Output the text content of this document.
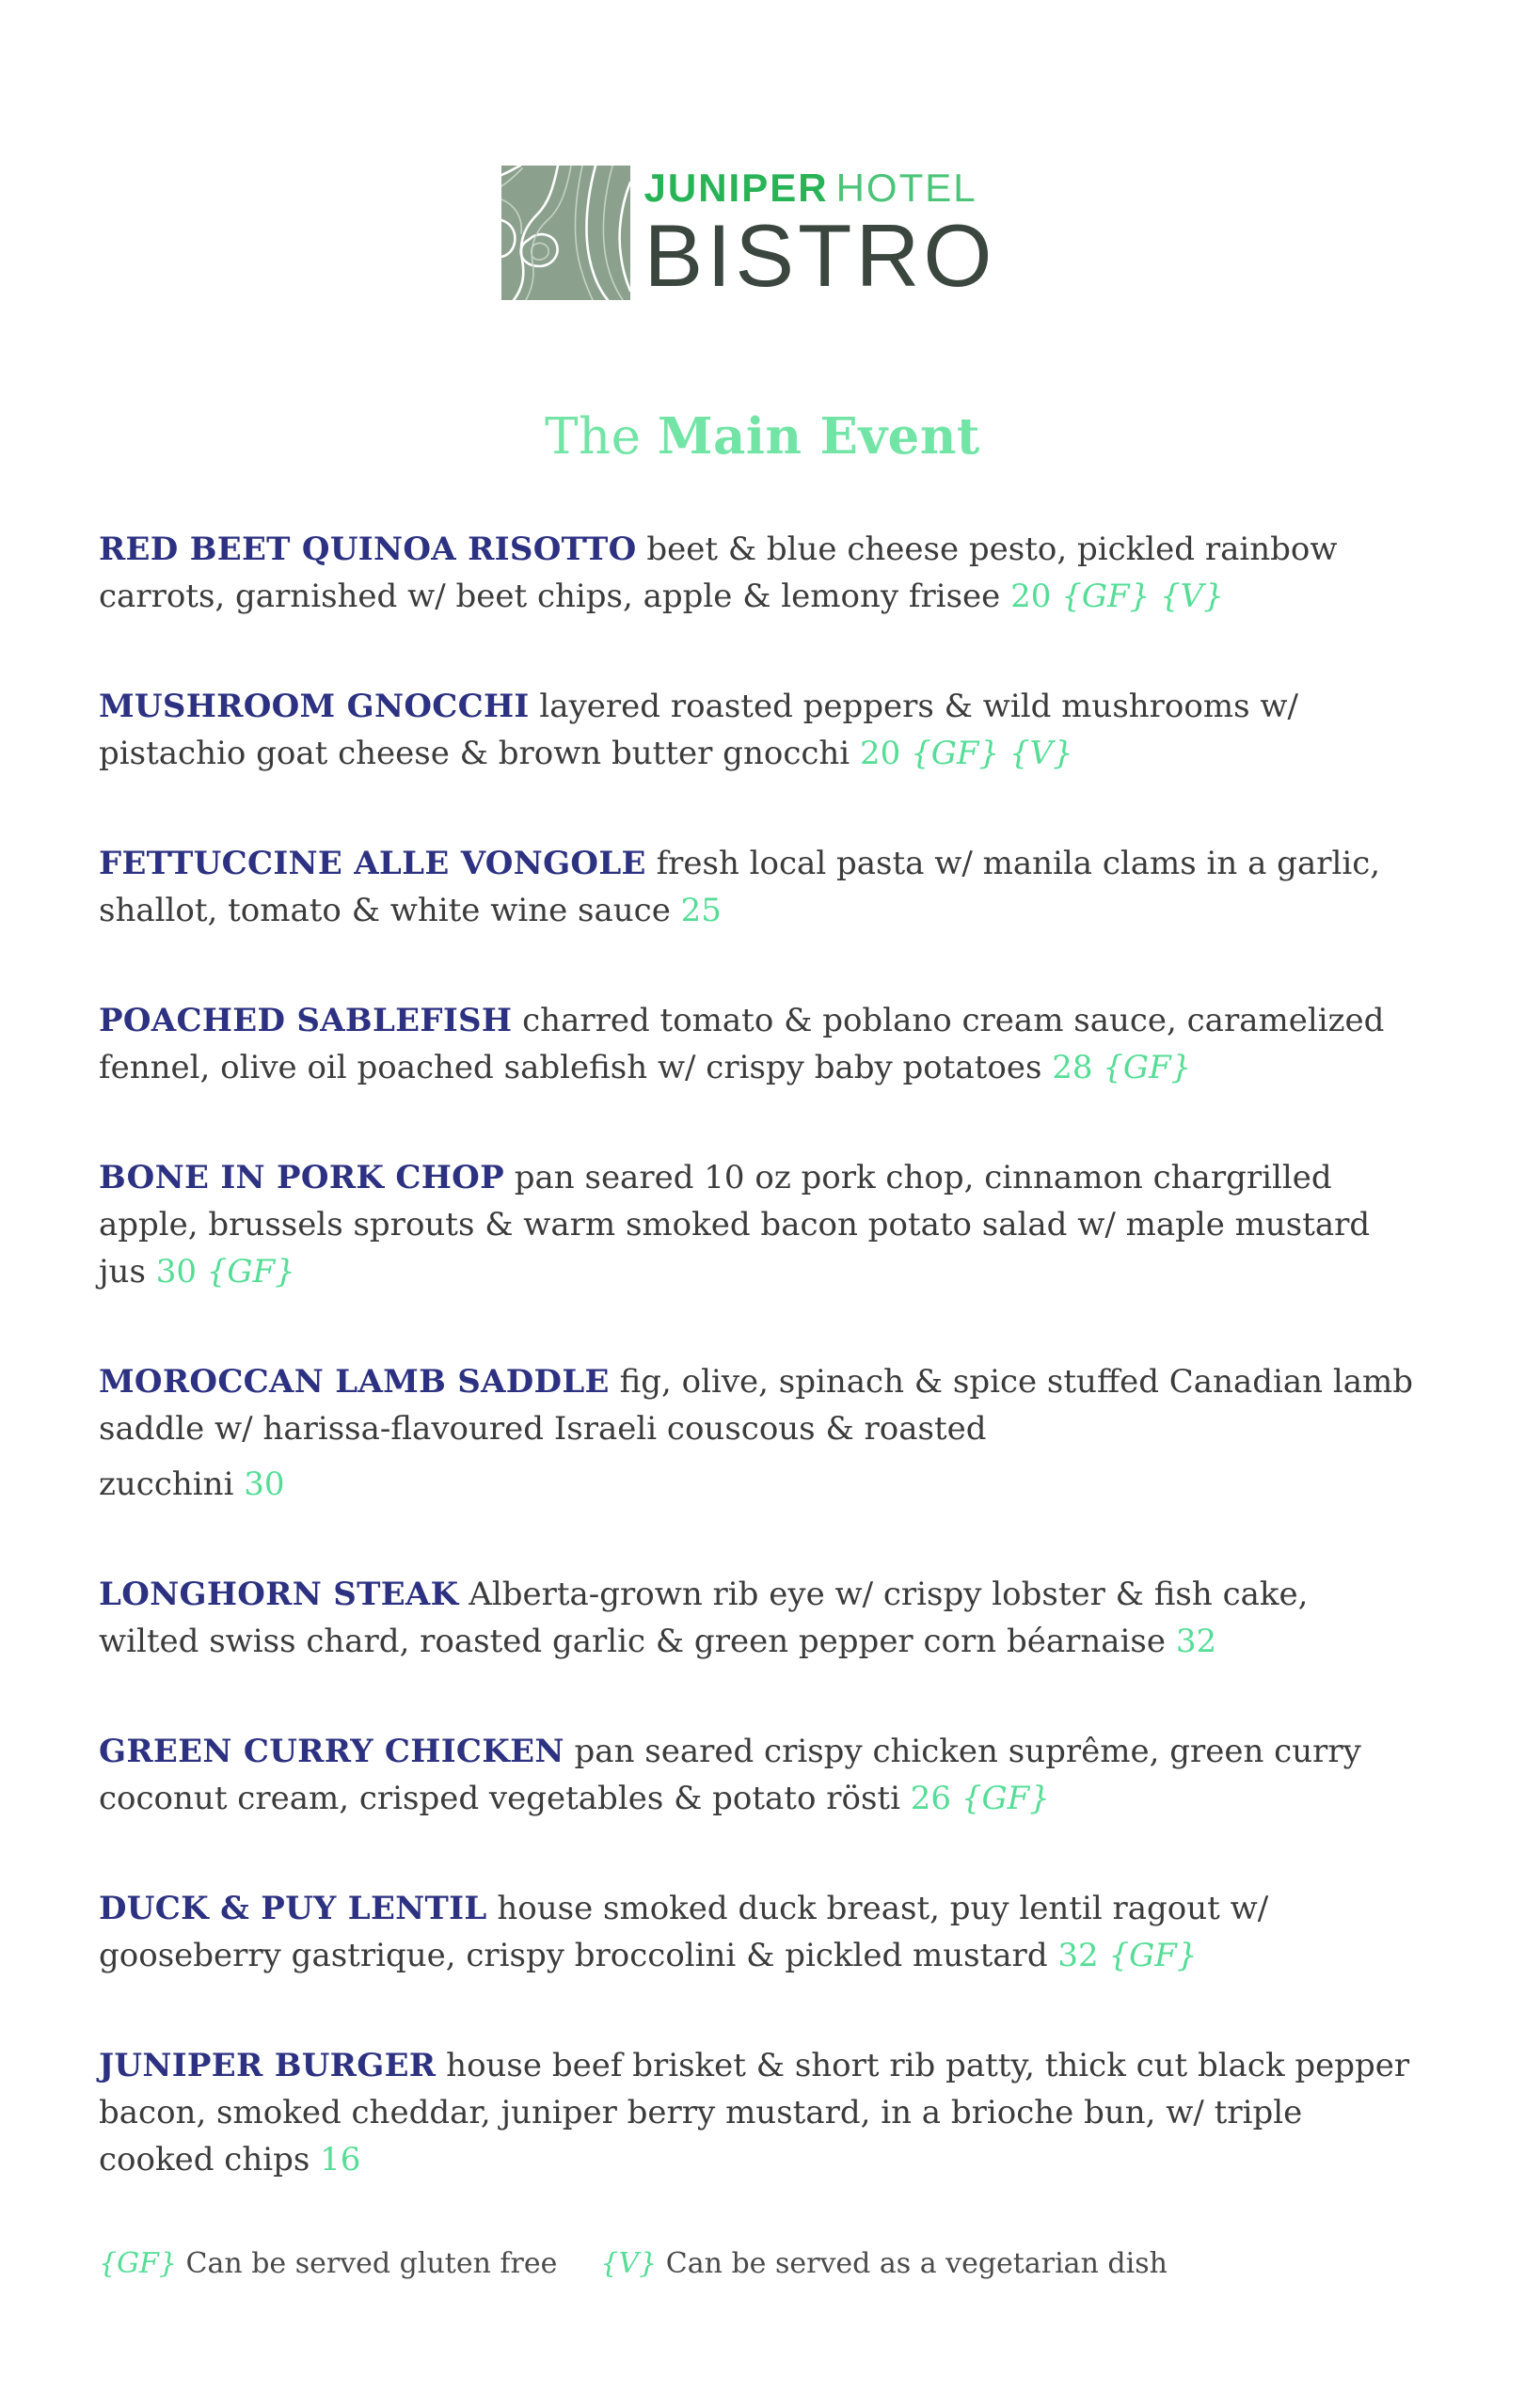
JUNIPER HOTEL
BISTRO
The Main Event
RED BEET QUINOA RISOTTO beet & blue cheese pesto, pickled rainbow carrots, garnished w/ beet chips, apple & lemony frisee 20 {GF} {V}
MUSHROOM GNOCCHI layered roasted peppers & wild mushrooms w/ pistachio goat cheese & brown butter gnocchi 20 {GF} {V}
FETTUCCINE ALLE VONGOLE fresh local pasta w/ manila clams in a garlic, shallot, tomato & white wine sauce 25
POACHED SABLEFISH charred tomato & poblano cream sauce, caramelized fennel, olive oil poached sablefish w/ crispy baby potatoes 28 {GF}
BONE IN PORK CHOP pan seared 10 oz pork chop, cinnamon chargrilled apple, brussels sprouts & warm smoked bacon potato salad w/ maple mustard jus 30 {GF}
MOROCCAN LAMB SADDLE fig, olive, spinach & spice stuffed Canadian lamb saddle w/ harissa-flavoured Israeli couscous & roasted
zucchini 30
LONGHORN STEAK Alberta-grown rib eye w/ crispy lobster & fish cake, wilted swiss chard, roasted garlic & green pepper corn béarnaise 32
GREEN CURRY CHICKEN pan seared crispy chicken suprême, green curry coconut cream, crisped vegetables & potato rösti 26 {GF}
DUCK & PUY LENTIL house smoked duck breast, puy lentil ragout w/ gooseberry gastrique, crispy broccolini & pickled mustard 32 {GF}
JUNIPER BURGER house beef brisket & short rib patty, thick cut black pepper bacon, smoked cheddar, juniper berry mustard, in a brioche bun, w/ triple cooked chips 16
{GF} Can be served gluten free {V} Can be served as a vegetarian dish
